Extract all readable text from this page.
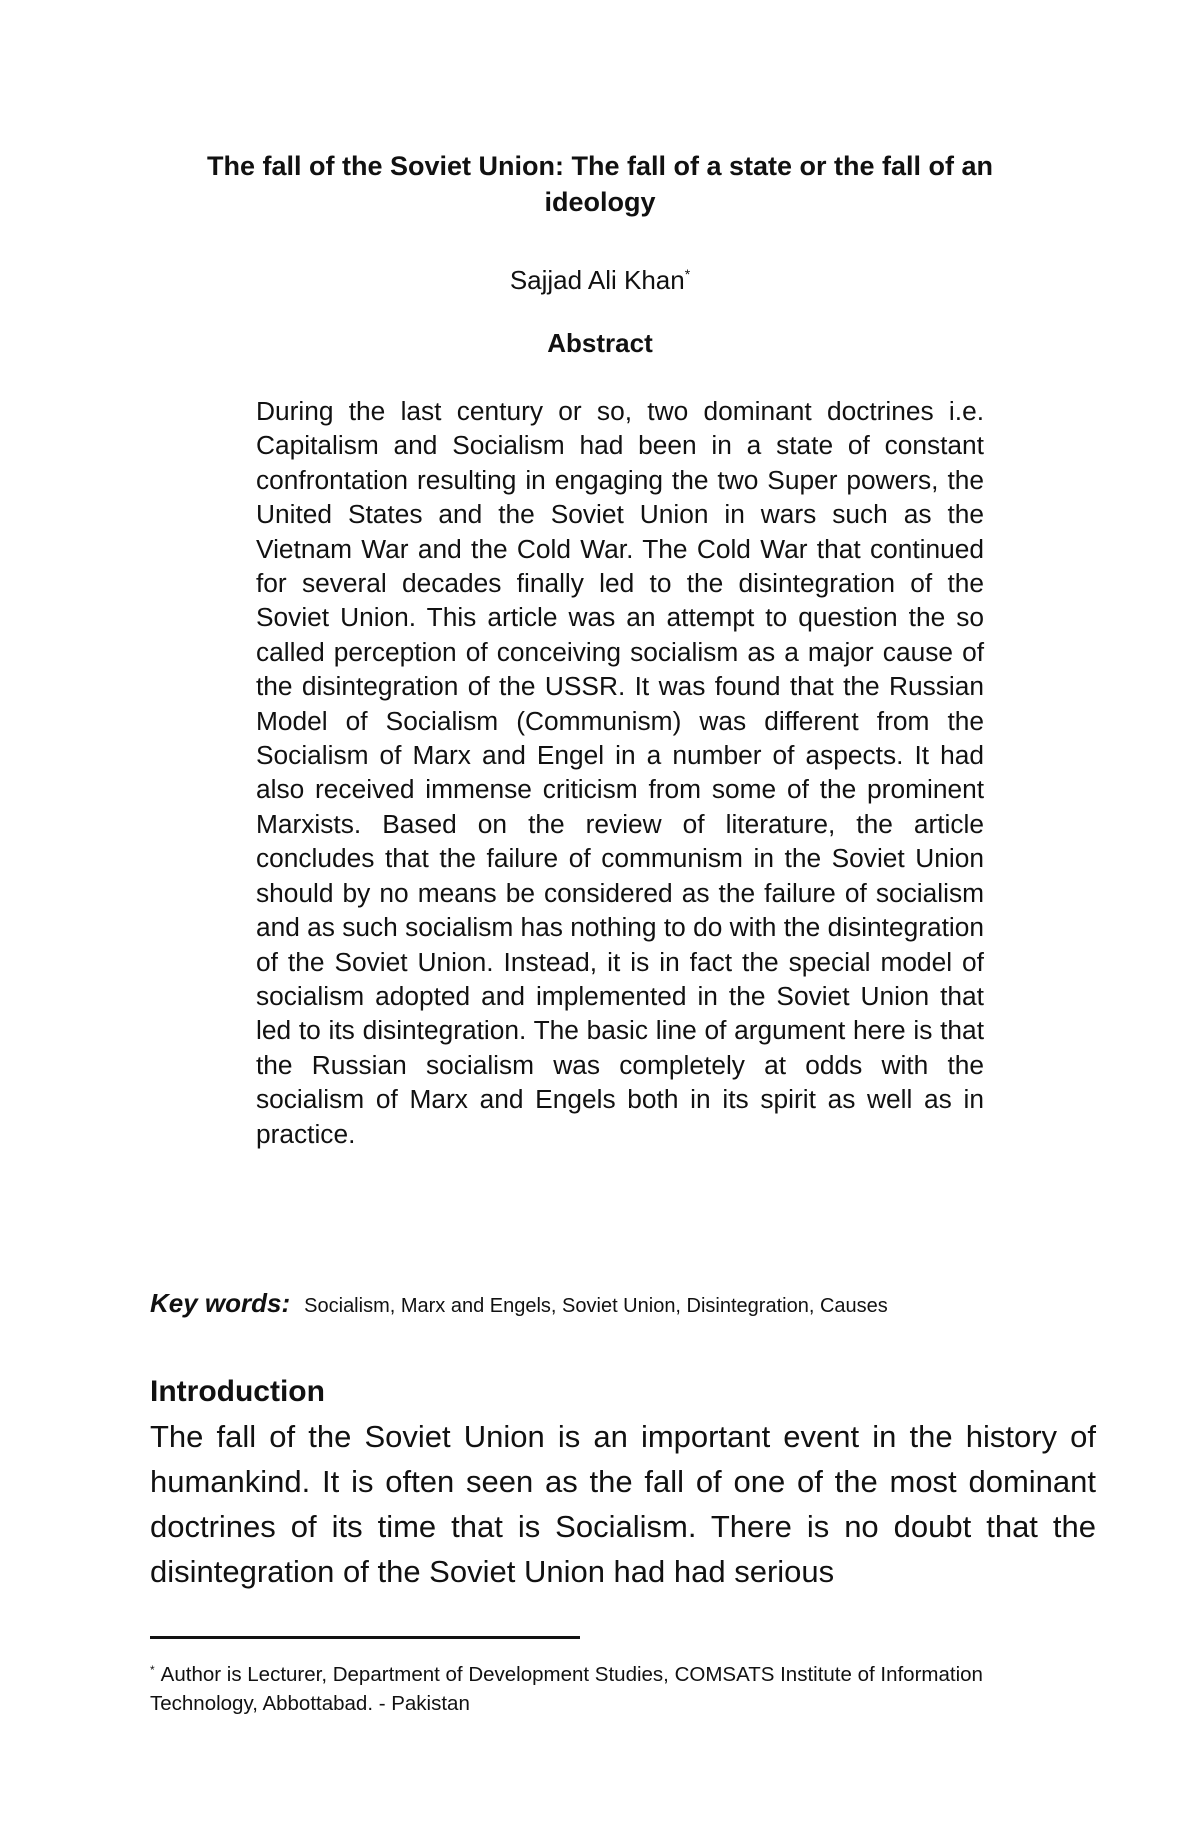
The fall of the Soviet Union: The fall of a state or the fall of an ideology

Sajjad Ali Khan*

Abstract

During the last century or so, two dominant doctrines i.e. Capitalism and Socialism had been in a state of constant confrontation resulting in engaging the two Super powers, the United States and the Soviet Union in wars such as the Vietnam War and the Cold War. The Cold War that continued for several decades finally led to the disintegration of the Soviet Union. This article was an attempt to question the so called perception of conceiving socialism as a major cause of the disintegration of the USSR. It was found that the Russian Model of Socialism (Communism) was different from the Socialism of Marx and Engel in a number of aspects. It had also received immense criticism from some of the prominent Marxists. Based on the review of literature, the article concludes that the failure of communism in the Soviet Union should by no means be considered as the failure of socialism and as such socialism has nothing to do with the disintegration of the Soviet Union. Instead, it is in fact the special model of socialism adopted and implemented in the Soviet Union that led to its disintegration. The basic line of argument here is that the Russian socialism was completely at odds with the socialism of Marx and Engels both in its spirit as well as in practice.

Key words: Socialism, Marx and Engels, Soviet Union, Disintegration, Causes

Introduction

The fall of the Soviet Union is an important event in the history of humankind. It is often seen as the fall of one of the most dominant doctrines of its time that is Socialism. There is no doubt that the disintegration of the Soviet Union had had serious

* Author is Lecturer, Department of Development Studies, COMSATS Institute of Information Technology, Abbottabad. - Pakistan
